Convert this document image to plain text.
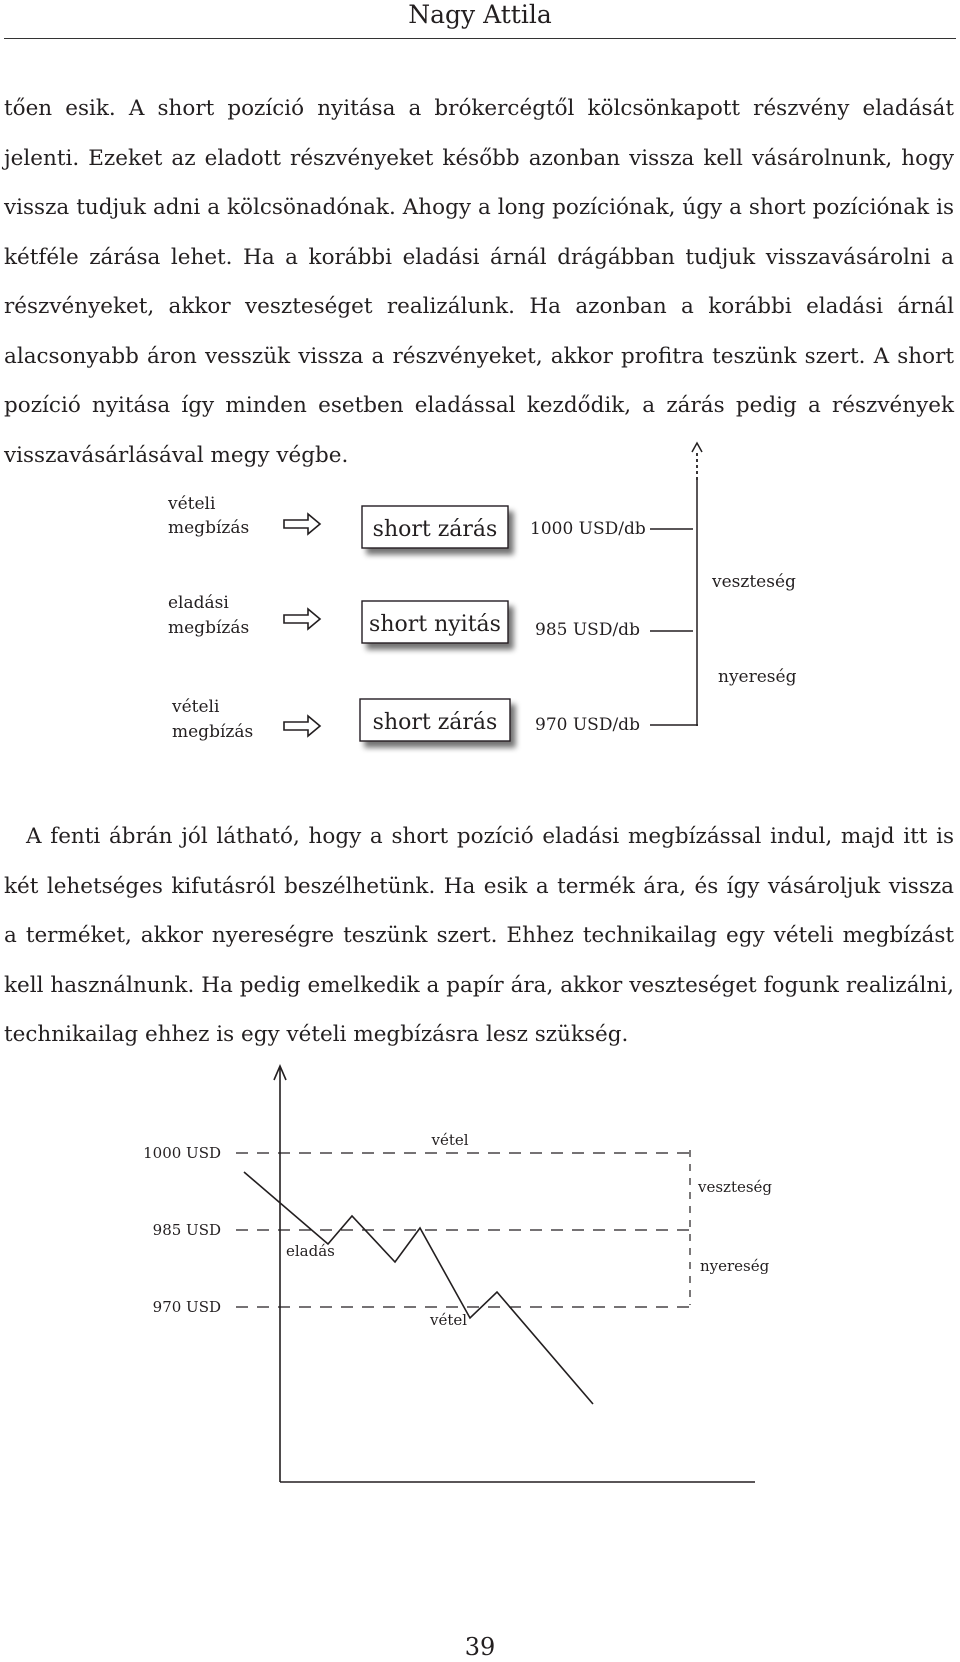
Nagy Attila

tően esik. A short pozíció nyitása a brókercégtől kölcsönkapott részvény eladását jelenti. Ezeket az eladott részvényeket később azonban vissza kell vásárolnunk, hogy vissza tudjuk adni a kölcsönadónak. Ahogy a long pozíciónak, úgy a short pozíciónak is kétféle zárása lehet. Ha a korábbi eladási árnál drágábban tudjuk visszavásárolni a részvényeket, akkor veszteséget realizálunk. Ha azonban a korábbi eladási árnál alacsonyabb áron vesszük vissza a részvényeket, akkor profitra teszünk szert. A short pozíció nyitása így minden esetben eladással kezdődik, a zárás pedig a részvények visszavásárlásával megy végbe.

vételi
megbízás	short zárás 1000 USD/db
eladási
megbízás	short nyitás 985 USD/db
vételi
megbízás	short zárás 970 USD/db
veszteség
nyereség

A fenti ábrán jól látható, hogy a short pozíció eladási megbízással indul, majd itt is két lehetséges kifutásról beszélhetünk. Ha esik a termék ára, és így vásároljuk vissza a terméket, akkor nyereségre teszünk szert. Ehhez technikailag egy vételi megbízást kell használnunk. Ha pedig emelkedik a papír ára, akkor veszteséget fogunk realizálni, technikailag ehhez is egy vételi megbízásra lesz szükség.

1000 USD
985 USD
970 USD
vétel
eladás
vétel
veszteség
nyereség
39
